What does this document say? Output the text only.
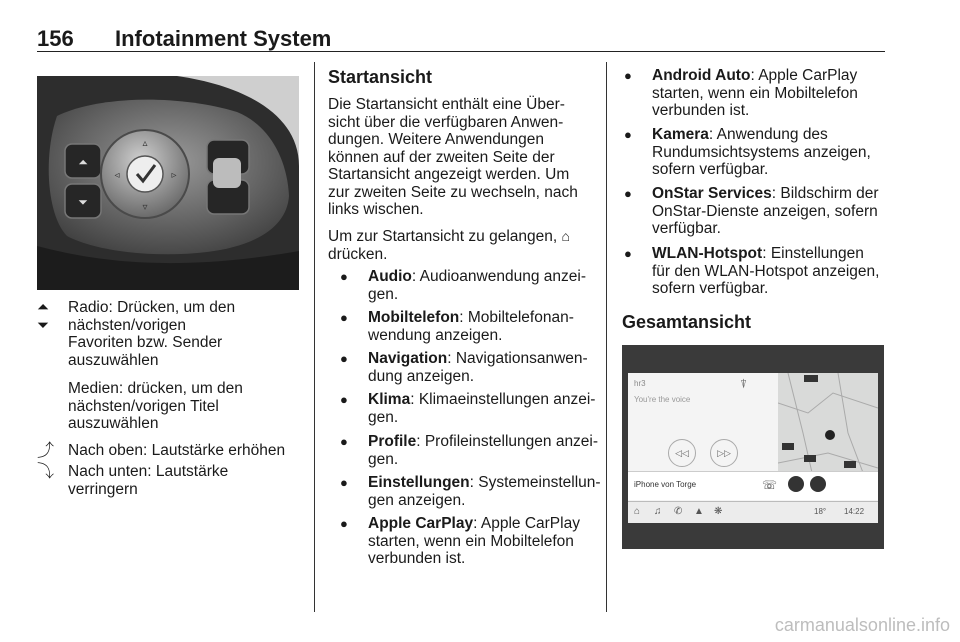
156 Infotainment System
▵
▿
◃	▹
⏶
⏷
⏶
⏷
Radio: Drücken, um den
nächsten/vorigen
Favoriten bzw. Sender
auszuwählen
Medien: drücken, um den
nächsten/vorigen Titel
auszuwählen
⤴ Nach oben: Lautstärke erhöhen
⤵ Nach unten: Lautstärke
verringern
Startansicht
Die Startansicht enthält eine Über-
sicht über die verfügbaren Anwen-
dungen. Weitere Anwendungen
können auf der zweiten Seite der
Startansicht angezeigt werden. Um
zur zweiten Seite zu wechseln, nach
links wischen.
Um zur Startansicht zu gelangen, ⌂
drücken.
● Audio: Audioanwendung anzei-
gen.
● Mobiltelefon: Mobiltelefonan-
wendung anzeigen.
● Navigation: Navigationsanwen-
dung anzeigen.
● Klima: Klimaeinstellungen anzei-
gen.
● Profile: Profileinstellungen anzei-
gen.
● Einstellungen: Systemeinstellun-
gen anzeigen.
● Apple CarPlay: Apple CarPlay
starten, wenn ein Mobiltelefon
verbunden ist.
● Android Auto: Apple CarPlay
starten, wenn ein Mobiltelefon
verbunden ist.
● Kamera: Anwendung des
Rundumsichtsystems anzeigen,
sofern verfügbar.
● OnStar Services: Bildschirm der
OnStar-Dienste anzeigen, sofern
verfügbar.
● WLAN-Hotspot: Einstellungen
für den WLAN-Hotspot anzeigen,
sofern verfügbar.
Gesamtansicht
hr3
You're the voice
⍒
◁◁	▷▷
iPhone von Torge	☏
⌂ ♫ ✆ ▲ ❋	18° 14:22
carmanualsonline.info
